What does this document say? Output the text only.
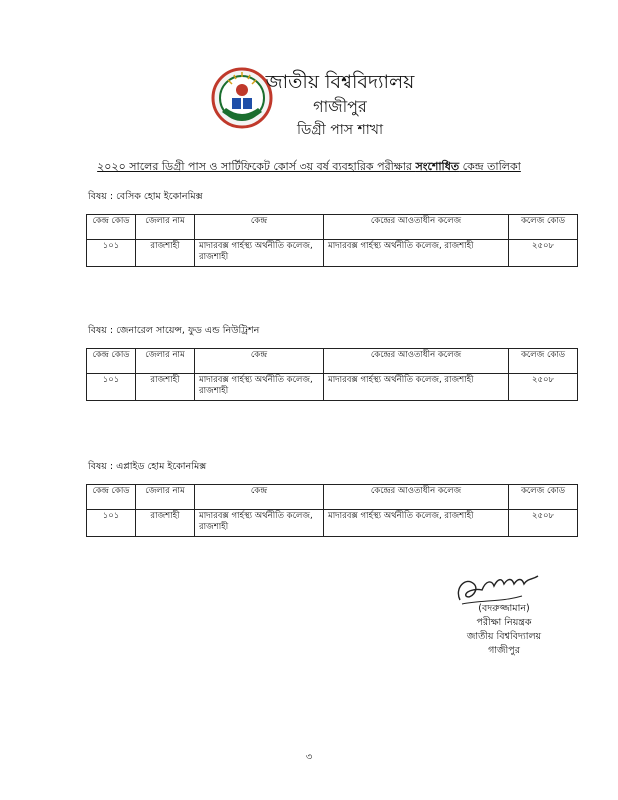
জাতীয় বিশ্ববিদ্যালয়
গাজীপুর
ডিগ্রী পাস শাখা
২০২০ সালের ডিগ্রী পাস ও সার্টিফিকেট কোর্স ৩য় বর্ষ ব্যবহারিক পরীক্ষার সংশোধিত কেন্দ্র তালিকা
বিষয় : বেসিক হোম ইকোনমিক্স
কেন্দ্র কোড	জেলার নাম	কেন্দ্র	কেন্দ্রের আওতাধীন কলেজ	কলেজ কোড
১০১	রাজশাহী	মাদারবক্স গার্হস্থ্য অর্থনীতি কলেজ, রাজশাহী	মাদারবক্স গার্হস্থ্য অর্থনীতি কলেজ, রাজশাহী	২৫০৮
বিষয় : জেনারেল সায়েন্স, ফুড এন্ড নিউট্রিশন
কেন্দ্র কোড	জেলার নাম	কেন্দ্র	কেন্দ্রের আওতাধীন কলেজ	কলেজ কোড
১০১	রাজশাহী	মাদারবক্স গার্হস্থ্য অর্থনীতি কলেজ, রাজশাহী	মাদারবক্স গার্হস্থ্য অর্থনীতি কলেজ, রাজশাহী	২৫০৮
বিষয় : এপ্লাইড হোম ইকোনমিক্স
কেন্দ্র কোড	জেলার নাম	কেন্দ্র	কেন্দ্রের আওতাধীন কলেজ	কলেজ কোড
১০১	রাজশাহী	মাদারবক্স গার্হস্থ্য অর্থনীতি কলেজ, রাজশাহী	মাদারবক্স গার্হস্থ্য অর্থনীতি কলেজ, রাজশাহী	২৫০৮
(বদরুজ্জামান)
পরীক্ষা নিয়ন্ত্রক
জাতীয় বিশ্ববিদ্যালয়
গাজীপুর
৩
